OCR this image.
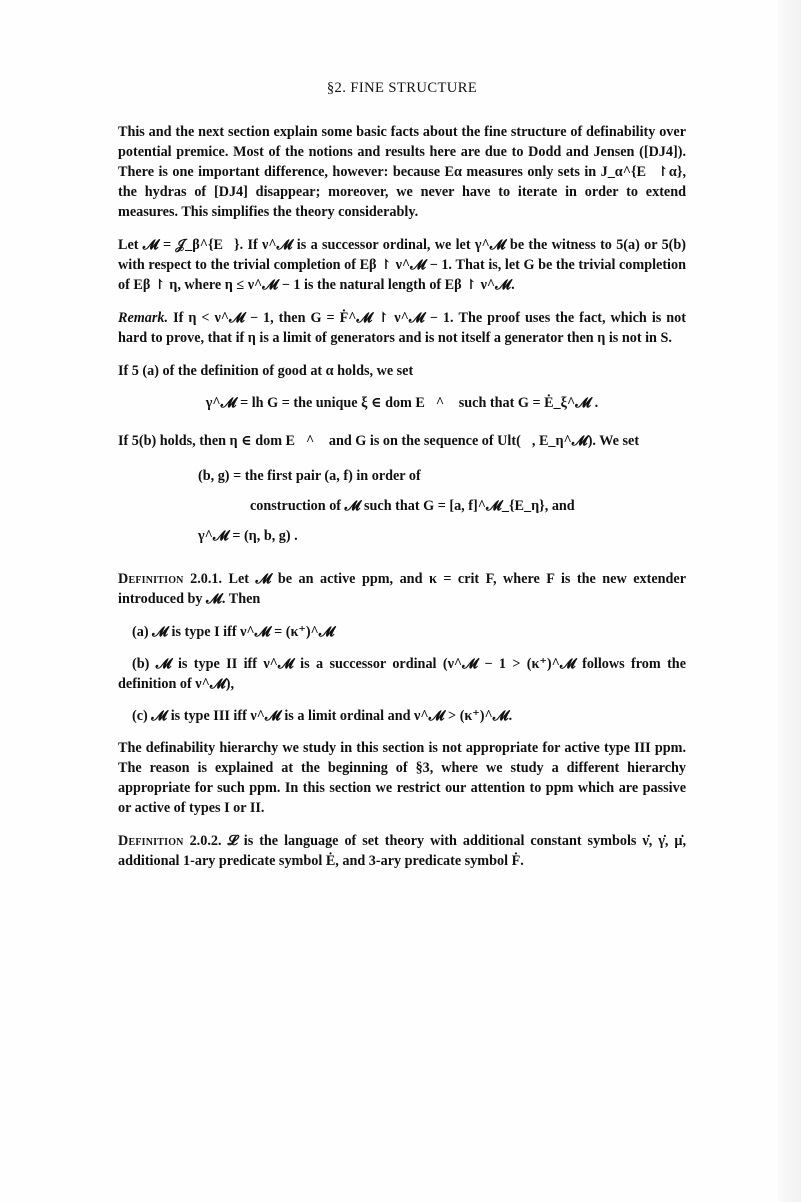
§2. FINE STRUCTURE

This and the next section explain some basic facts about the fine structure of definability over potential premice. Most of the notions and results here are due to Dodd and Jensen ([DJ4]). There is one important difference, however: because Eα measures only sets in J_α^{E⃗↾α}, the hydras of [DJ4] disappear; moreover, we never have to iterate in order to extend measures. This simplifies the theory considerably.

Let 𝓜 = 𝒥_β^{E⃗}. If ν^𝓜 is a successor ordinal, we let γ^𝓜 be the witness to 5(a) or 5(b) with respect to the trivial completion of Eβ ↾ ν^𝓜 − 1. That is, let G be the trivial completion of Eβ ↾ η, where η ≤ ν^𝓜 − 1 is the natural length of Eβ ↾ ν^𝓜.

Remark. If η < ν^𝓜 − 1, then G = Ḟ^𝓜 ↾ ν^𝓜 − 1. The proof uses the fact, which is not hard to prove, that if η is a limit of generators and is not itself a generator then η is not in S.

If 5 (a) of the definition of good at α holds, we set

γ^𝓜 = lh G = the unique ξ ∈ dom E⃗^𝓜 such that G = Ė_ξ^𝓜 .

If 5(b) holds, then η ∈ dom E⃗^𝓜 and G is on the sequence of Ult(𝓜, E_η^𝓜). We set

(b, g) = the first pair (a, f) in order of
construction of 𝓜 such that G = [a, f]^𝓜_{E_η}, and
γ^𝓜 = (η, b, g) .

Definition 2.0.1. Let 𝓜 be an active ppm, and κ = crit F, where F is the new extender introduced by 𝓜. Then

(a) 𝓜 is type I iff ν^𝓜 = (κ⁺)^𝓜
(b) 𝓜 is type II iff ν^𝓜 is a successor ordinal (ν^𝓜 − 1 > (κ⁺)^𝓜 follows from the definition of ν^𝓜),
(c) 𝓜 is type III iff ν^𝓜 is a limit ordinal and ν^𝓜 > (κ⁺)^𝓜.

The definability hierarchy we study in this section is not appropriate for active type III ppm. The reason is explained at the beginning of §3, where we study a different hierarchy appropriate for such ppm. In this section we restrict our attention to ppm which are passive or active of types I or II.

Definition 2.0.2. 𝓛 is the language of set theory with additional constant symbols ν̇, γ̇, μ̇, additional 1-ary predicate symbol Ė, and 3-ary predicate symbol Ḟ.
